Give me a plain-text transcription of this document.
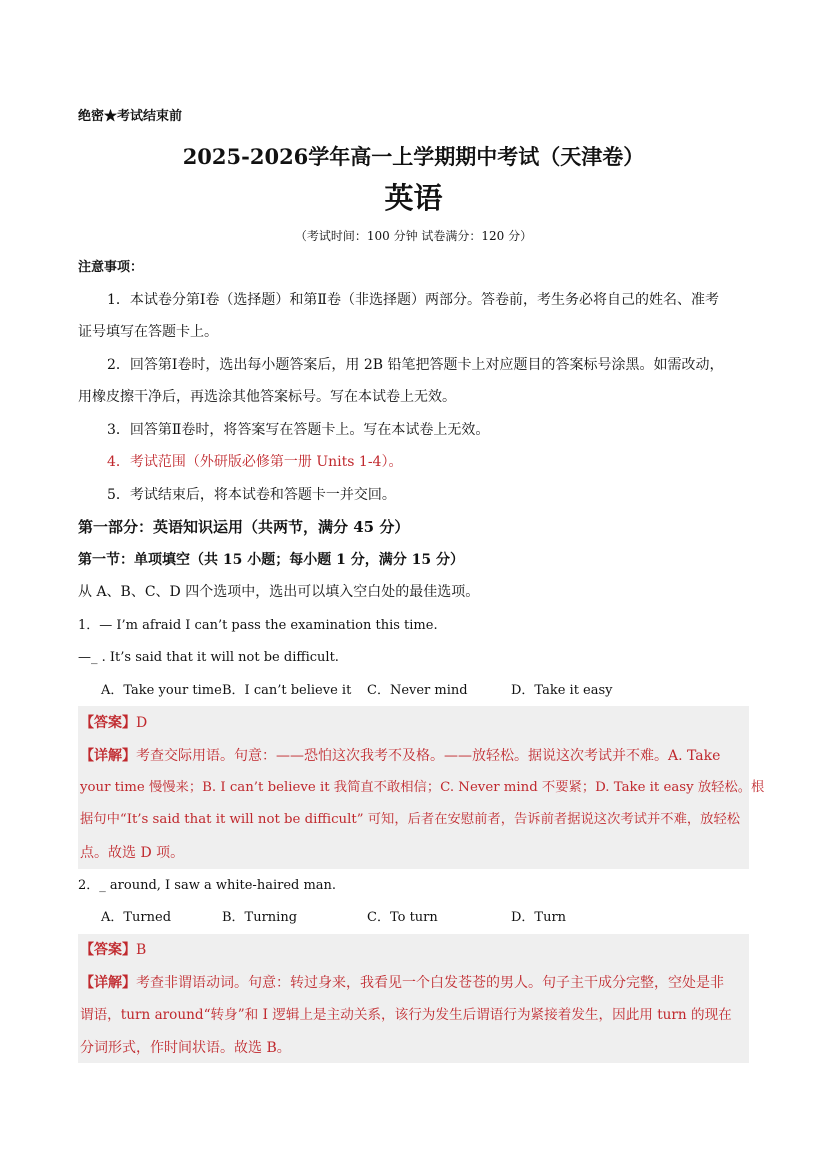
绝密★考试结束前
2025-2026学年高一上学期期中考试（天津卷）
英语
（考试时间：100 分钟 试卷满分：120 分）
注意事项：
1．本试卷分第Ⅰ卷（选择题）和第Ⅱ卷（非选择题）两部分。答卷前，考生务必将自己的姓名、准考
证号填写在答题卡上。
2．回答第Ⅰ卷时，选出每小题答案后，用 2B 铅笔把答题卡上对应题目的答案标号涂黑。如需改动，
用橡皮擦干净后，再选涂其他答案标号。写在本试卷上无效。
3．回答第Ⅱ卷时，将答案写在答题卡上。写在本试卷上无效。
4．考试范围（外研版必修第一册 Units 1-4）。
5．考试结束后，将本试卷和答题卡一并交回。
第一部分：英语知识运用（共两节，满分 45 分）
第一节：单项填空（共 15 小题；每小题 1 分，满分 15 分）
从 A、B、C、D 四个选项中，选出可以填入空白处的最佳选项。
1．— I’m afraid I can’t pass the examination this time.
—_ . It’s said that it will not be difficult.
A．Take your time B．I can’t believe it C．Never mind	D．Take it easy
【答案】D
【详解】考查交际用语。句意：——恐怕这次我考不及格。——放轻松。据说这次考试并不难。A. Take
your time 慢慢来；B. I can’t believe it 我简直不敢相信；C. Never mind 不要紧；D. Take it easy 放轻松。根
据句中“It’s said that it will not be difficult” 可知，后者在安慰前者，告诉前者据说这次考试并不难，放轻松
点。故选 D 项。
2．_ around, I saw a white-haired man.
A．Turned	B．Turning	C．To turn	D．Turn
【答案】B
【详解】考查非谓语动词。句意：转过身来，我看见一个白发苍苍的男人。句子主干成分完整，空处是非
谓语，turn around“转身”和 I 逻辑上是主动关系，该行为发生后谓语行为紧接着发生，因此用 turn 的现在
分词形式，作时间状语。故选 B。
